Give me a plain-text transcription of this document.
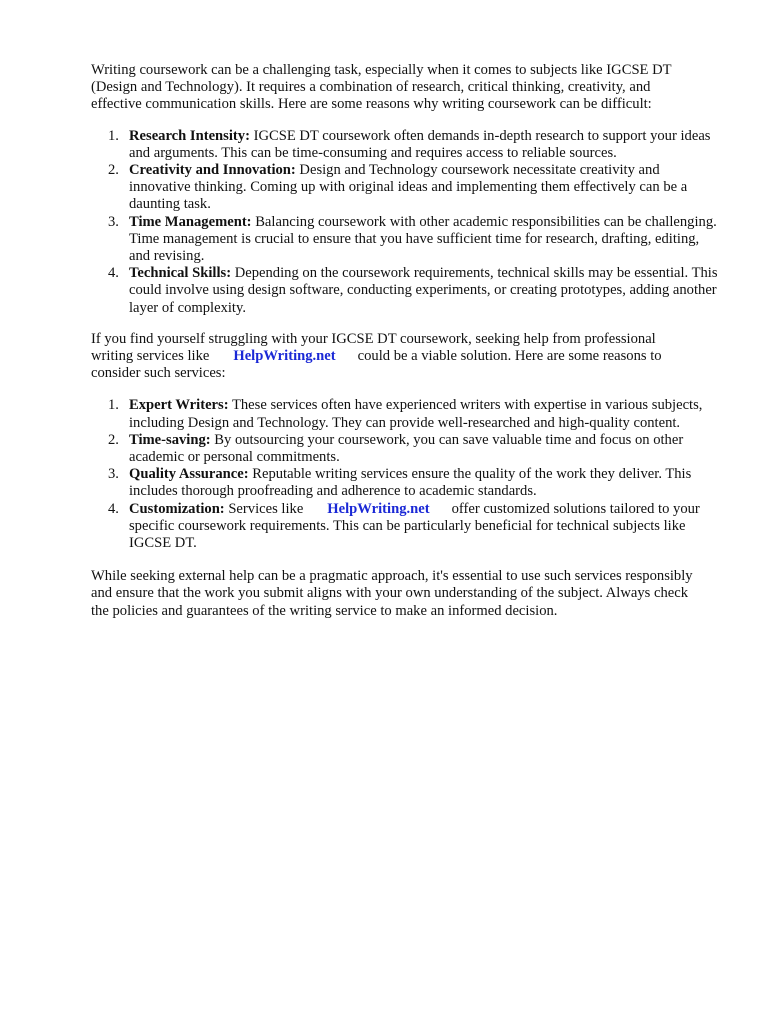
Writing coursework can be a challenging task, especially when it comes to subjects like IGCSE DT (Design and Technology). It requires a combination of research, critical thinking, creativity, and effective communication skills. Here are some reasons why writing coursework can be difficult:

1. Research Intensity: IGCSE DT coursework often demands in-depth research to support your ideas and arguments. This can be time-consuming and requires access to reliable sources.
2. Creativity and Innovation: Design and Technology coursework necessitate creativity and innovative thinking. Coming up with original ideas and implementing them effectively can be a daunting task.
3. Time Management: Balancing coursework with other academic responsibilities can be challenging. Time management is crucial to ensure that you have sufficient time for research, drafting, editing, and revising.
4. Technical Skills: Depending on the coursework requirements, technical skills may be essential. This could involve using design software, conducting experiments, or creating prototypes, adding another layer of complexity.

If you find yourself struggling with your IGCSE DT coursework, seeking help from professional writing services like HelpWriting.net could be a viable solution. Here are some reasons to consider such services:

1. Expert Writers: These services often have experienced writers with expertise in various subjects, including Design and Technology. They can provide well-researched and high-quality content.
2. Time-saving: By outsourcing your coursework, you can save valuable time and focus on other academic or personal commitments.
3. Quality Assurance: Reputable writing services ensure the quality of the work they deliver. This includes thorough proofreading and adherence to academic standards.
4. Customization: Services like HelpWriting.net offer customized solutions tailored to your specific coursework requirements. This can be particularly beneficial for technical subjects like IGCSE DT.

While seeking external help can be a pragmatic approach, it's essential to use such services responsibly and ensure that the work you submit aligns with your own understanding of the subject. Always check the policies and guarantees of the writing service to make an informed decision.
